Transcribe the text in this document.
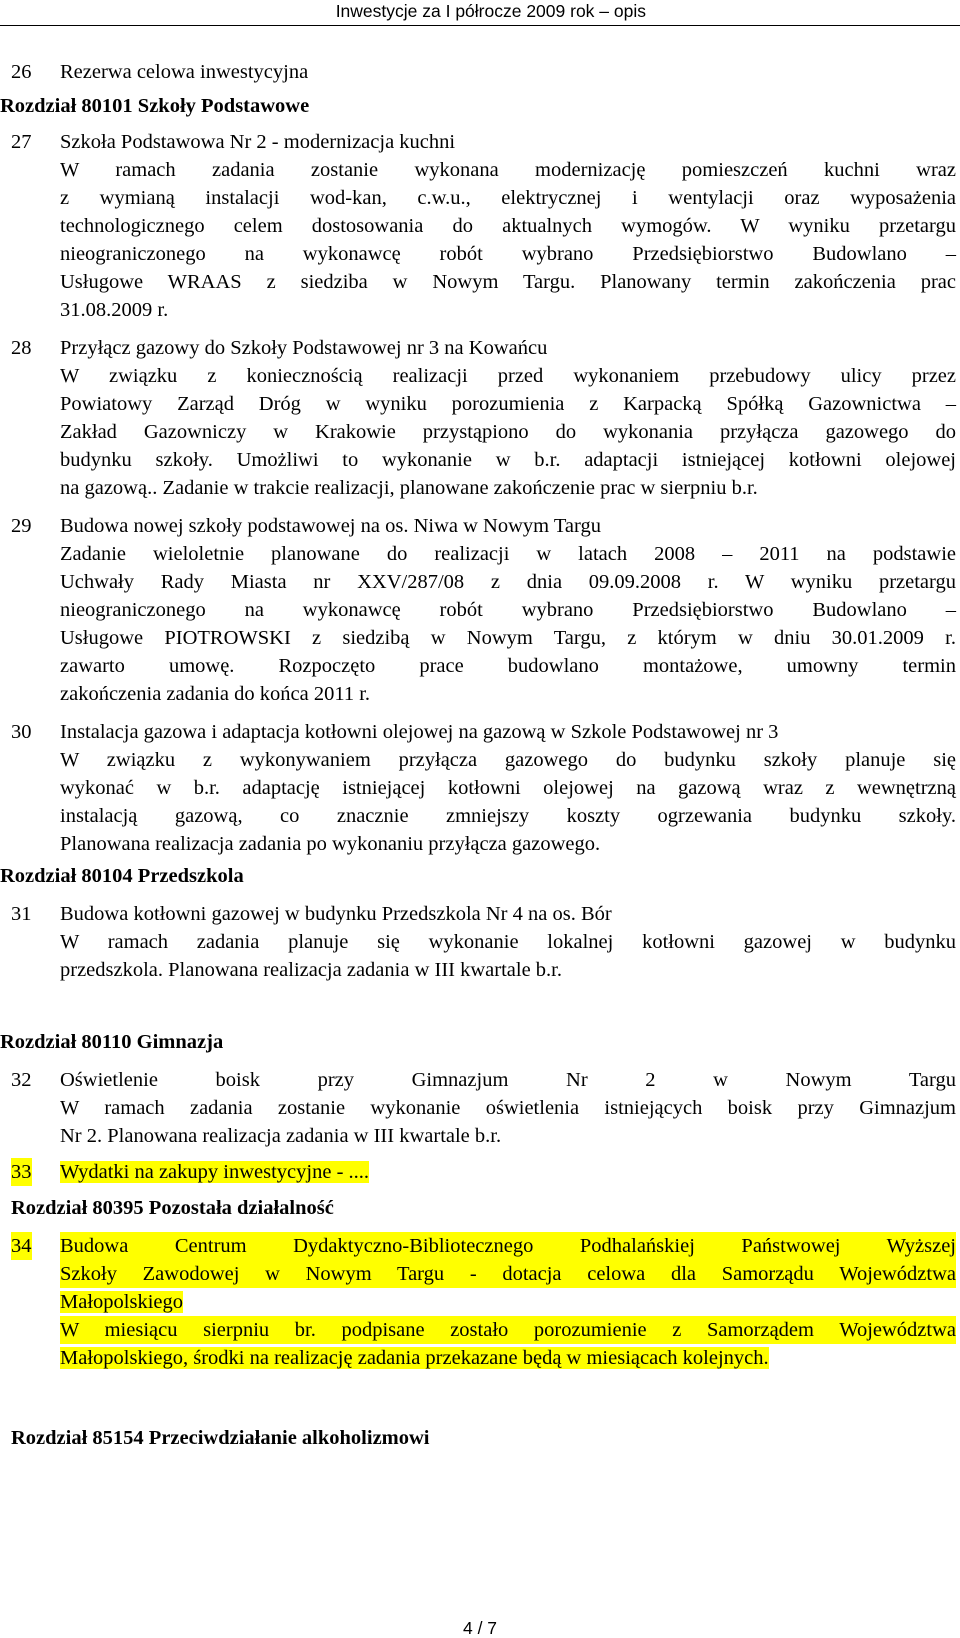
Inwestycje za I półrocze 2009 rok – opis
26 Rezerwa celowa inwestycyjna
Rozdział 80101 Szkoły Podstawowe
27 Szkoła Podstawowa Nr 2 - modernizacja kuchni
W ramach zadania zostanie wykonana modernizację pomieszczeń kuchni wraz
z wymianą instalacji wod-kan, c.w.u., elektrycznej i wentylacji oraz wyposażenia
technologicznego celem dostosowania do aktualnych wymogów. W wyniku przetargu
nieograniczonego na wykonawcę robót wybrano Przedsiębiorstwo Budowlano –
Usługowe WRAAS z siedziba w Nowym Targu. Planowany termin zakończenia prac
31.08.2009 r.
28 Przyłącz gazowy do Szkoły Podstawowej nr 3 na Kowańcu
W związku z koniecznością realizacji przed wykonaniem przebudowy ulicy przez
Powiatowy Zarząd Dróg w wyniku porozumienia z Karpacką Spółką Gazownictwa –
Zakład Gazowniczy w Krakowie przystąpiono do wykonania przyłącza gazowego do
budynku szkoły. Umożliwi to wykonanie w b.r. adaptacji istniejącej kotłowni olejowej
na gazową.. Zadanie w trakcie realizacji, planowane zakończenie prac w sierpniu b.r.
29 Budowa nowej szkoły podstawowej na os. Niwa w Nowym Targu
Zadanie wieloletnie planowane do realizacji w latach 2008 – 2011 na podstawie
Uchwały Rady Miasta nr XXV/287/08 z dnia 09.09.2008 r. W wyniku przetargu
nieograniczonego na wykonawcę robót wybrano Przedsiębiorstwo Budowlano –
Usługowe PIOTROWSKI z siedzibą w Nowym Targu, z którym w dniu 30.01.2009 r.
zawarto umowę. Rozpoczęto prace budowlano montażowe, umowny termin
zakończenia zadania do końca 2011 r.
30 Instalacja gazowa i adaptacja kotłowni olejowej na gazową w Szkole Podstawowej nr 3
W związku z wykonywaniem przyłącza gazowego do budynku szkoły planuje się
wykonać w b.r. adaptację istniejącej kotłowni olejowej na gazową wraz z wewnętrzną
instalacją gazową, co znacznie zmniejszy koszty ogrzewania budynku szkoły.
Planowana realizacja zadania po wykonaniu przyłącza gazowego.
Rozdział 80104 Przedszkola
31 Budowa kotłowni gazowej w budynku Przedszkola Nr 4 na os. Bór
W ramach zadania planuje się wykonanie lokalnej kotłowni gazowej w budynku
przedszkola. Planowana realizacja zadania w III kwartale b.r.
Rozdział 80110 Gimnazja
32 Oświetlenie boisk przy Gimnazjum Nr 2 w Nowym Targu
W ramach zadania zostanie wykonanie oświetlenia istniejących boisk przy Gimnazjum
Nr 2. Planowana realizacja zadania w III kwartale b.r.
33 Wydatki na zakupy inwestycyjne - ....
Rozdział 80395 Pozostała działalność
34 Budowa Centrum Dydaktyczno-Bibliotecznego Podhalańskiej Państwowej Wyższej
Szkoły Zawodowej w Nowym Targu - dotacja celowa dla Samorządu Województwa
Małopolskiego
W miesiącu sierpniu br. podpisane zostało porozumienie z Samorządem Województwa
Małopolskiego, środki na realizację zadania przekazane będą w miesiącach kolejnych.
Rozdział 85154 Przeciwdziałanie alkoholizmowi
4 / 7
